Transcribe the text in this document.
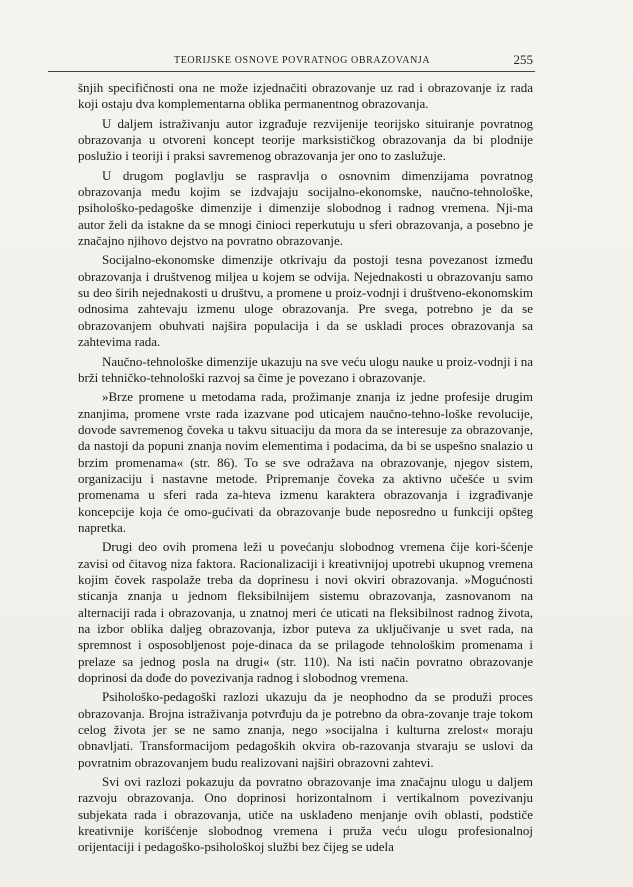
TEORIJSKE OSNOVE POVRATNOG OBRAZOVANJA	255

šnjih specifičnosti ona ne može izjednačiti obrazovanje uz rad i obrazovanje iz rada koji ostaju dva komplementarna oblika permanentnog obrazovanja.

U daljem istraživanju autor izgrađuje rezvijenije teorijsko situiranje povratnog obrazovanja u otvoreni koncept teorije marksističkog obrazovanja da bi plodnije poslužio i teoriji i praksi savremenog obrazovanja jer ono to zaslužuje.

U drugom poglavlju se raspravlja o osnovnim dimenzijama povratnog obrazovanja među kojim se izdvajaju socijalno-ekonomske, naučno-tehnološke, psihološko-pedagoške dimenzije i dimenzije slobodnog i radnog vremena. Nji-ma autor želi da istakne da se mnogi činioci reperkutuju u sferi obrazovanja, a posebno je značajno njihovo dejstvo na povratno obrazovanje.

Socijalno-ekonomske dimenzije otkrivaju da postoji tesna povezanost između obrazovanja i društvenog miljea u kojem se odvija. Nejednakosti u obrazovanju samo su deo širih nejednakosti u društvu, a promene u proiz-vodnji i društveno-ekonomskim odnosima zahtevaju izmenu uloge obrazovanja. Pre svega, potrebno je da se obrazovanjem obuhvati najšira populacija i da se uskladi proces obrazovanja sa zahtevima rada.

Naučno-tehnološke dimenzije ukazuju na sve veću ulogu nauke u proiz-vodnji i na brži tehničko-tehnološki razvoj sa čime je povezano i obrazovanje.

»Brze promene u metodama rada, prožimanje znanja iz jedne profesije drugim znanjima, promene vrste rada izazvane pod uticajem naučno-tehno-loške revolucije, dovode savremenog čoveka u takvu situaciju da mora da se interesuje za obrazovanje, da nastoji da popuni znanja novim elementima i podacima, da bi se uspešno snalazio u brzim promenama« (str. 86). To se sve odražava na obrazovanje, njegov sistem, organizaciju i nastavne metode. Pripremanje čoveka za aktivno učešće u svim promenama u sferi rada za-hteva izmenu karaktera obrazovanja i izgrađivanje koncepcije koja će omo-gućivati da obrazovanje bude neposredno u funkciji opšteg napretka.

Drugi deo ovih promena leži u povećanju slobodnog vremena čije kori-šćenje zavisi od čitavog niza faktora. Racionalizaciji i kreativnijoj upotrebi ukupnog vremena kojim čovek raspolaže treba da doprinesu i novi okviri obrazovanja. »Mogućnosti sticanja znanja u jednom fleksibilnijem sistemu obrazovanja, zasnovanom na alternaciji rada i obrazovanja, u znatnoj meri će uticati na fleksibilnost radnog života, na izbor oblika daljeg obrazovanja, izbor puteva za uključivanje u svet rada, na spremnost i osposobljenost poje-dinaca da se prilagode tehnološkim promenama i prelaze sa jednog posla na drugi« (str. 110). Na isti način povratno obrazovanje doprinosi da dođe do povezivanja radnog i slobodnog vremena.

Psihološko-pedagoški razlozi ukazuju da je neophodno da se produži proces obrazovanja. Brojna istraživanja potvrđuju da je potrebno da obra-zovanje traje tokom celog života jer se ne samo znanja, nego »socijalna i kulturna zrelost« moraju obnavljati. Transformacijom pedagoških okvira ob-razovanja stvaraju se uslovi da povratnim obrazovanjem budu realizovani najširi obrazovni zahtevi.

Svi ovi razlozi pokazuju da povratno obrazovanje ima značajnu ulogu u daljem razvoju obrazovanja. Ono doprinosi horizontalnom i vertikalnom povezivanju subjekata rada i obrazovanja, utiče na usklađeno menjanje ovih oblasti, podstiče kreativnije korišćenje slobodnog vremena i pruža veću ulogu profesionalnoj orijentaciji i pedagoško-psihološkoj službi bez čijeg se udela
